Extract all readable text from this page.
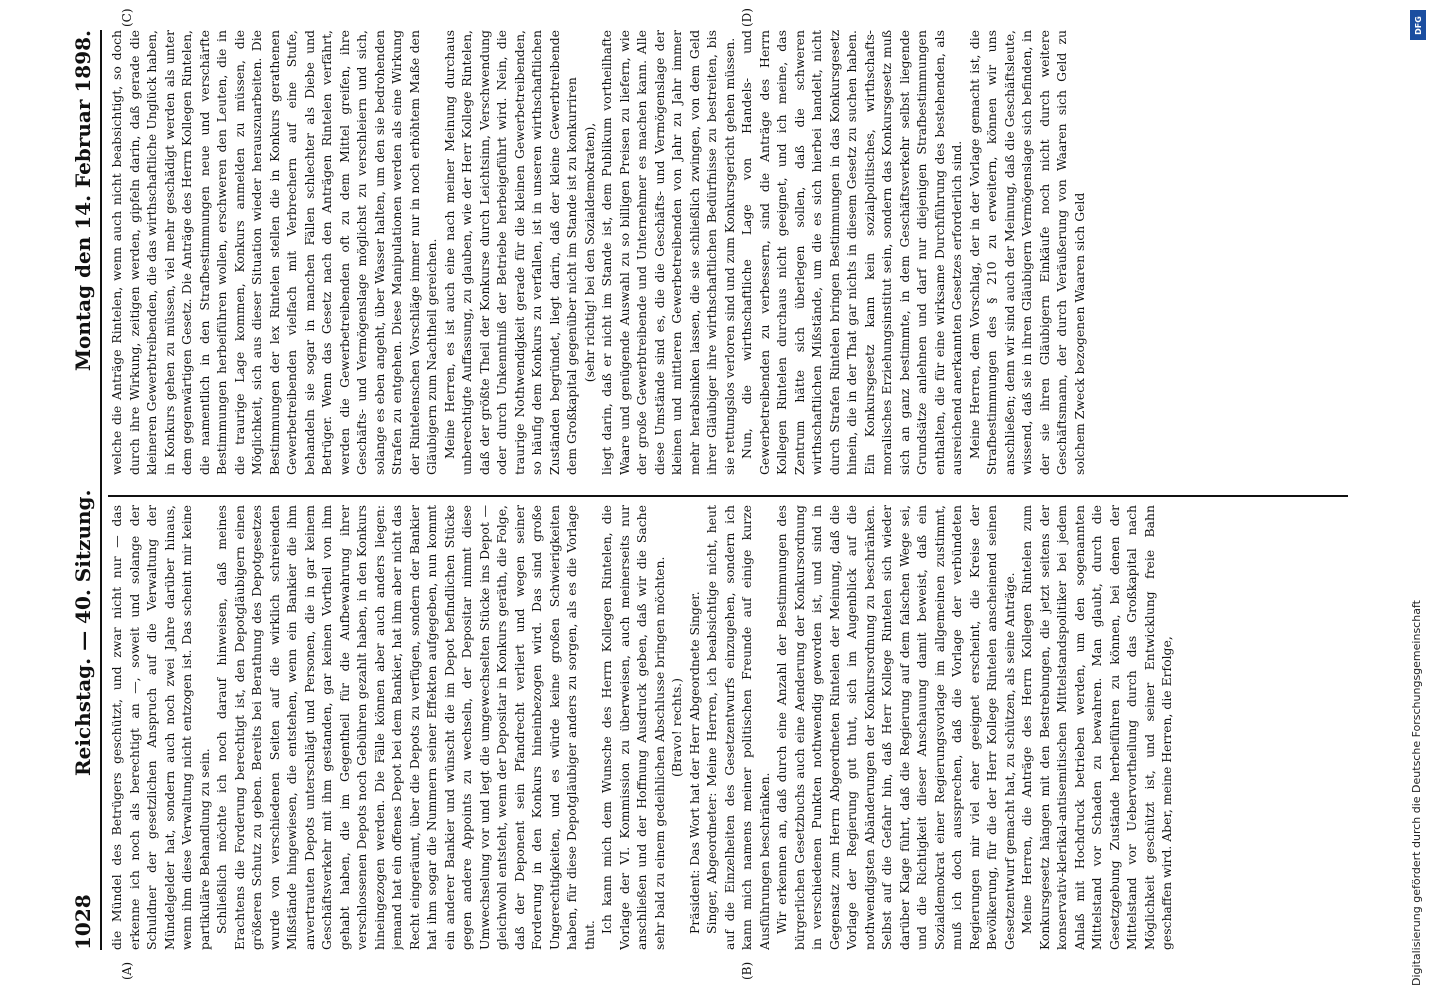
1028
Reichstag. — 40. Sitzung.
Montag den 14. Februar 1898.
(A)	(B)
(C)	(D)

die Mündel des Betrügers geschützt, und zwar nicht nur — das erkenne ich noch als berechtigt an —, soweit und solange der Schuldner der gesetzlichen Anspruch auf die Verwaltung der Mündelgelder hat, sondern auch noch zwei Jahre darüber hinaus, wenn ihm diese Verwaltung nicht entzogen ist. Das scheint mir keine partikuläre Behandlung zu sein. Schließlich möchte ich noch darauf hinweisen, daß meines Erachtens die Forderung berechtigt ist, den Depotgläubigern einen größeren Schutz zu geben. Bereits bei Berathung des Depotgesetzes wurde von verschiedenen Seiten auf die wirklich schreienden Mißstände hingewiesen, die entstehen, wenn ein Bankier die ihm anvertrauten Depots unterschlägt und Personen, die in gar keinem Geschäftsverkehr mit ihm gestanden, gar keinen Vortheil von ihm gehabt haben, die im Gegentheil für die Aufbewahrung ihrer verschlossenen Depots noch Gebühren gezahlt haben, in den Konkurs hineingezogen werden. Die Fälle können aber auch anders liegen: jemand hat ein offenes Depot bei dem Bankier, hat ihm aber nicht das Recht eingeräumt, über die Depots zu verfügen, sondern der Bankier hat ihm sogar die Nummern seiner Effekten aufgegeben, nun kommt ein anderer Bankier und wünscht die im Depot befindlichen Stücke gegen andere Appoints zu wechseln, der Depositar nimmt diese Umwechselung vor und legt die umgewechselten Stücke ins Depot — gleichwohl entsteht, wenn der Depositar in Konkurs geräth, die Folge, daß der Deponent sein Pfandrecht verliert und wegen seiner Forderung in den Konkurs hineinbezogen wird. Das sind große Ungerechtigkeiten, und es würde keine großen Schwierigkeiten haben, für diese Depotgläubiger anders zu sorgen, als es die Vorlage thut.

Ich kann mich dem Wunsche des Herrn Kollegen Rintelen, die Vorlage der VI. Kommission zu überweisen, auch meinerseits nur anschließen und der Hoffnung Ausdruck geben, daß wir die Sache sehr bald zu einem gedeihlichen Abschlusse bringen möchten. (Bravo! rechts.) Präsident: Das Wort hat der Herr Abgeordnete Singer. Singer, Abgeordneter: Meine Herren, ich beabsichtige nicht, heut auf die Einzelheiten des Gesetzentwurfs einzugehen, sondern ich kann mich namens meiner politischen Freunde auf einige kurze Ausführungen beschränken. Wir erkennen an, daß durch eine Anzahl der Bestimmungen des bürgerlichen Gesetzbuchs auch eine Aenderung der Konkursordnung in verschiedenen Punkten nothwendig geworden ist, und sind in Gegensatz zum Herrn Abgeordneten Rintelen der Meinung, daß die Vorlage der Regierung gut thut, sich im Augenblick auf die nothwendigsten Abänderungen der Konkursordnung zu beschränken. Selbst auf die Gefahr hin, daß Herr Kollege Rintelen sich wieder darüber Klage führt, daß die Regierung auf dem falschen Wege sei, und die Richtigkeit dieser Anschauung damit beweist, daß ein Sozialdemokrat einer Regierungsvorlage im allgemeinen zustimmt, muß ich doch aussprechen, daß die Vorlage der verbündeten Regierungen mir viel eher geeignet erscheint, die Kreise der Bevölkerung, für die der Herr Kollege Rintelen anscheinend seinen Gesetzentwurf gemacht hat, zu schützen, als seine Anträge. Meine Herren, die Anträge des Herrn Kollegen Rintelen zum Konkursgesetz hängen mit den Bestrebungen, die jetzt seitens der konservativ-klerikal-antisemitischen Mittelstandspolitiker bei jedem Anlaß mit Hochdruck betrieben werden, um den sogenannten Mittelstand vor Schaden zu bewahren. Man glaubt, durch die Gesetzgebung Zustände herbeiführen zu können, bei denen der Mittelstand vor Uebervortheilung durch das Großkapital nach Möglichkeit geschützt ist, und seiner Entwicklung freie Bahn geschaffen wird. Aber, meine Herren, die Erfolge,

welche die Anträge Rintelen, wenn auch nicht beabsichtigt, so doch durch ihre Wirkung, zeitigen werden, gipfeln darin, daß gerade die kleineren Gewerbtreibenden, die das wirthschaftliche Unglück haben, in Konkurs gehen zu müssen, viel mehr geschädigt werden als unter dem gegenwärtigen Gesetz. Die Anträge des Herrn Kollegen Rintelen, die namentlich in den Strafbestimmungen neue und verschärfte Bestimmungen herbeiführen wollen, erschweren den Leuten, die in die traurige Lage kommen, Konkurs anmelden zu müssen, die Möglichkeit, sich aus dieser Situation wieder herauszuarbeiten. Die Bestimmungen der lex Rintelen stellen die in Konkurs gerathenen Gewerbetreibenden vielfach mit Verbrechern auf eine Stufe, behandeln sie sogar in manchen Fällen schlechter als Diebe und Betrüger. Wenn das Gesetz nach den Anträgen Rintelen verfährt, werden die Gewerbetreibenden oft zu dem Mittel greifen, ihre Geschäfts- und Vermögenslage möglichst zu verschleiern und sich, solange es eben angeht, über Wasser halten, um den sie bedrohenden Strafen zu entgehen. Diese Manipulationen werden als eine Wirkung der Rintelenschen Vorschläge immer nur in noch erhöhtem Maße den Gläubigern zum Nachtheil gereichen. Meine Herren, es ist auch eine nach meiner Meinung durchaus unberechtigte Auffassung, zu glauben, wie der Herr Kollege Rintelen, daß der größte Theil der Konkurse durch Leichtsinn, Verschwendung oder durch Unkenntniß der Betriebe herbeigeführt wird. Nein, die traurige Nothwendigkeit gerade für die kleinen Gewerbetreibenden, so häufig dem Konkurs zu verfallen, ist in unseren wirthschaftlichen Zuständen begründet, liegt darin, daß der kleine Gewerbtreibende dem Großkapital gegenüber nicht im Stande ist zu konkurriren (sehr richtig! bei den Sozialdemokraten), liegt darin, daß er nicht im Stande ist, dem Publikum vortheilhafte Waare und genügende Auswahl zu so billigen Preisen zu liefern, wie der große Gewerbtreibende und Unternehmer es machen kann. Alle diese Umstände sind es, die die Geschäfts- und Vermögenslage der kleinen und mittleren Gewerbetreibenden von Jahr zu Jahr immer mehr herabsinken lassen, die sie schließlich zwingen, von dem Geld ihrer Gläubiger ihre wirthschaftlichen Bedürfnisse zu bestreiten, bis sie rettungslos verloren sind und zum Konkursgericht gehen müssen. Nun, die wirthschaftliche Lage von Handels- und Gewerbetreibenden zu verbessern, sind die Anträge des Herrn Kollegen Rintelen durchaus nicht geeignet, und ich meine, das Zentrum hätte sich überlegen sollen, daß die schweren wirthschaftlichen Mißstände, um die es sich hierbei handelt, nicht durch Strafen Rintelen bringen Bestimmungen in das Konkursgesetz hinein, die in der That gar nichts in diesem Gesetz zu suchen haben. Ein Konkursgesetz kann kein sozialpolitisches, wirthschafts-moralisches Erziehungsinstitut sein, sondern das Konkursgesetz muß sich an ganz bestimmte, in dem Geschäftsverkehr selbst liegende Grundsätze anlehnen und darf nur diejenigen Strafbestimmungen enthalten, die für eine wirksame Durchführung des bestehenden, als ausreichend anerkannten Gesetzes erforderlich sind. Meine Herren, dem Vorschlag, der in der Vorlage gemacht ist, die Strafbestimmungen des § 210 zu erweitern, können wir uns anschließen; denn wir sind auch der Meinung, daß die Geschäftsleute, wissend, daß sie in ihren Gläubigern Vermögenslage sich befinden, in der sie ihren Gläubigern Einkäufe noch nicht durch weitere Geschäftsmann, der durch Veräußerung von Waaren sich Geld zu solchem Zweck bezogenen Waaren sich Geld

DFG
Digitalisierung gefördert durch die Deutsche Forschungsgemeinschaft
